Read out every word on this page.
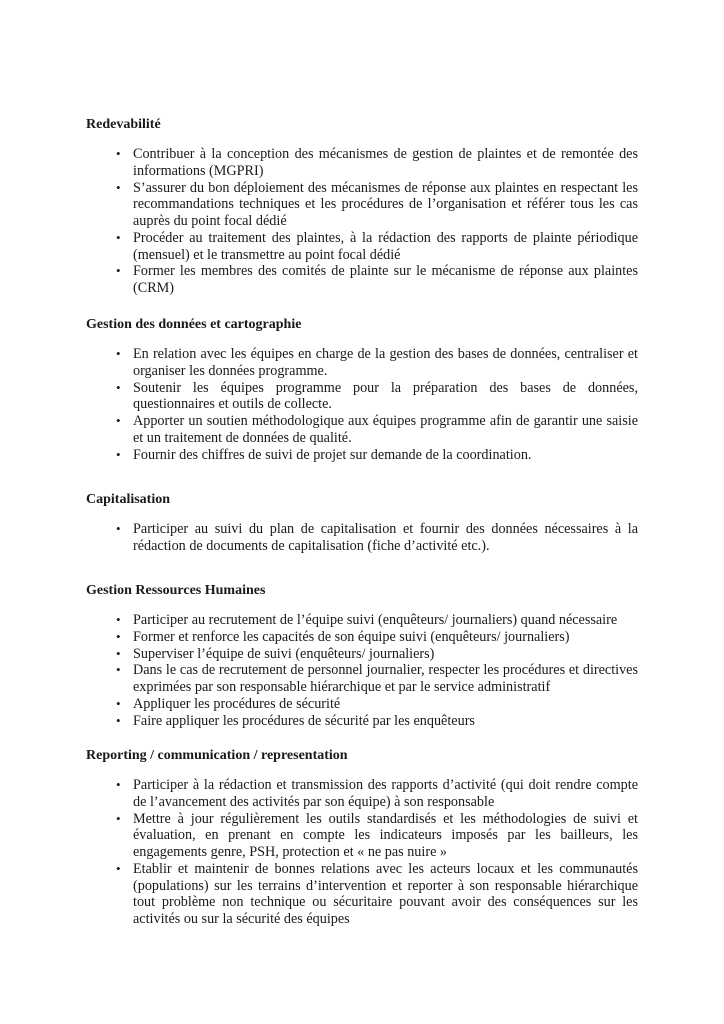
Redevabilité
• Contribuer à la conception des mécanismes de gestion de plaintes et de remontée des informations (MGPRI)
• S’assurer du bon déploiement des mécanismes de réponse aux plaintes en respectant les recommandations techniques et les procédures de l’organisation et référer tous les cas auprès du point focal dédié
• Procéder au traitement des plaintes, à la rédaction des rapports de plainte périodique (mensuel) et le transmettre au point focal dédié
• Former les membres des comités de plainte sur le mécanisme de réponse aux plaintes (CRM)
Gestion des données et cartographie
• En relation avec les équipes en charge de la gestion des bases de données, centraliser et organiser les données programme.
• Soutenir les équipes programme pour la préparation des bases de données, questionnaires et outils de collecte.
• Apporter un soutien méthodologique aux équipes programme afin de garantir une saisie et un traitement de données de qualité.
• Fournir des chiffres de suivi de projet sur demande de la coordination.
Capitalisation
• Participer au suivi du plan de capitalisation et fournir des données nécessaires à la rédaction de documents de capitalisation (fiche d’activité etc.).
Gestion Ressources Humaines
• Participer au recrutement de l’équipe suivi (enquêteurs/ journaliers) quand nécessaire
• Former et renforce les capacités de son équipe suivi (enquêteurs/ journaliers)
• Superviser l’équipe de suivi (enquêteurs/ journaliers)
• Dans le cas de recrutement de personnel journalier, respecter les procédures et directives exprimées par son responsable hiérarchique et par le service administratif
• Appliquer les procédures de sécurité
• Faire appliquer les procédures de sécurité par les enquêteurs
Reporting / communication / representation
• Participer à la rédaction et transmission des rapports d’activité (qui doit rendre compte de l’avancement des activités par son équipe) à son responsable
• Mettre à jour régulièrement les outils standardisés et les méthodologies de suivi et évaluation, en prenant en compte les indicateurs imposés par les bailleurs, les engagements genre, PSH, protection et « ne pas nuire »
• Etablir et maintenir de bonnes relations avec les acteurs locaux et les communautés (populations) sur les terrains d’intervention et reporter à son responsable hiérarchique tout problème non technique ou sécuritaire pouvant avoir des conséquences sur les activités ou sur la sécurité des équipes
